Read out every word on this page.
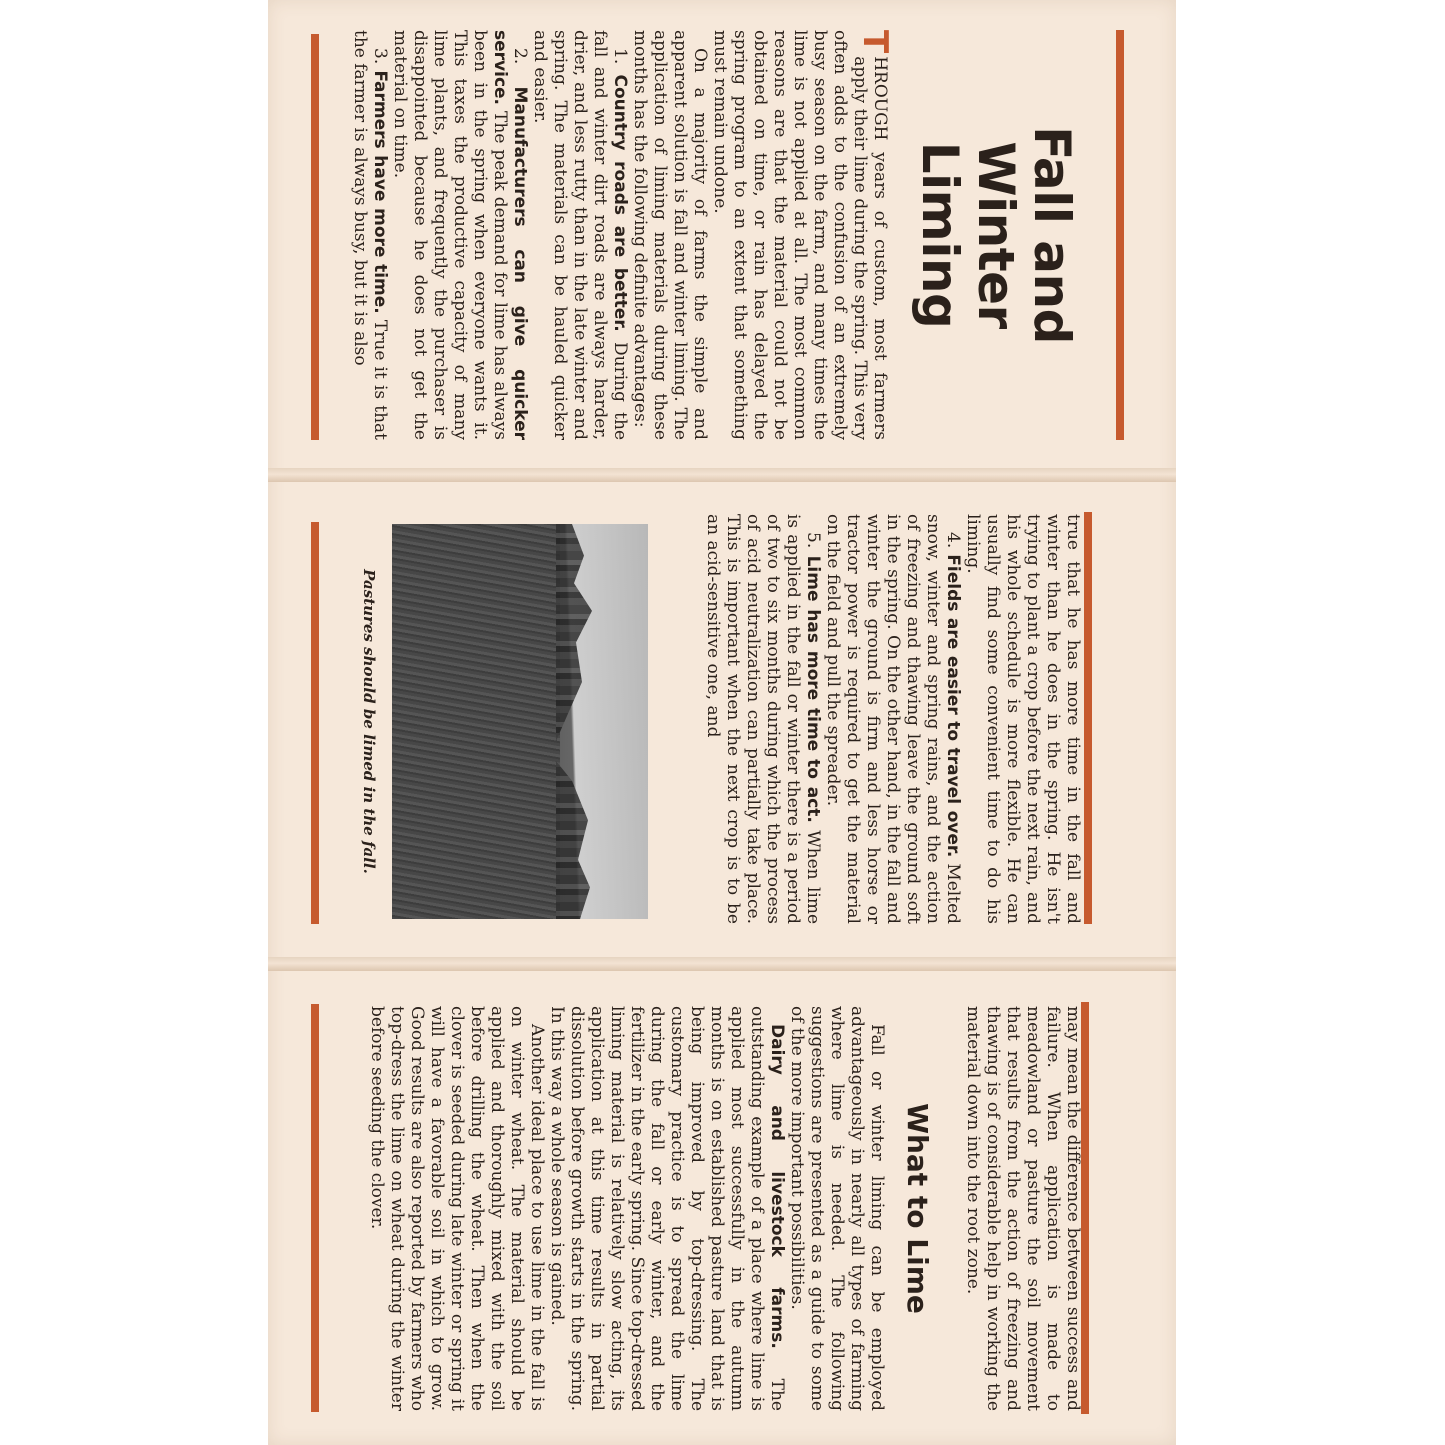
Fall and Winter
Liming

T
HROUGH years of custom, most farmers apply their lime during the spring. This very often adds to the confusion of an extremely busy season on the farm, and many times the lime is not applied at all. The most common reasons are that the material could not be obtained on time, or rain has delayed the spring program to an extent that something must remain undone.

On a majority of farms the simple and apparent solution is fall and winter liming. The application of liming materials during these months has the following definite advantages:

1. Country roads are better. During the fall and winter dirt roads are always harder, drier, and less rutty than in the late winter and spring. The materials can be hauled quicker and easier.

2. Manufacturers can give quicker service. The peak demand for lime has always been in the spring when everyone wants it. This taxes the productive capacity of many lime plants, and frequently the purchaser is disappointed because he does not get the material on time.

3. Farmers have more time. True it is that the farmer is always busy, but it is also

true that he has more time in the fall and winter than he does in the spring. He isn't trying to plant a crop before the next rain, and his whole schedule is more flexible. He can usually find some convenient time to do his liming.

4. Fields are easier to travel over. Melted snow, winter and spring rains, and the action of freezing and thawing leave the ground soft in the spring. On the other hand, in the fall and winter the ground is firm and less horse or tractor power is required to get the material on the field and pull the spreader.

5. Lime has more time to act. When lime is applied in the fall or winter there is a period of two to six months during which the process of acid neutralization can partially take place. This is important when the next crop is to be an acid-sensitive one, and

Pastures should be limed in the fall.

may mean the difference between success and failure. When application is made to meadowland or pasture the soil movement that results from the action of freezing and thawing is of considerable help in working the material down into the root zone.

What to Lime

Fall or winter liming can be employed advantageously in nearly all types of farming where lime is needed. The following suggestions are presented as a guide to some of the more important possibilities.

Dairy and livestock farms. The outstanding example of a place where lime is applied most successfully in the autumn months is on established pasture land that is being improved by top-dressing. The customary practice is to spread the lime during the fall or early winter, and the fertilizer in the early spring. Since top-dressed liming material is relatively slow acting, its application at this time results in partial dissolution before growth starts in the spring. In this way a whole season is gained.

Another ideal place to use lime in the fall is on winter wheat. The material should be applied and thoroughly mixed with the soil before drilling the wheat. Then when the clover is seeded during late winter or spring it will have a favorable soil in which to grow. Good results are also reported by farmers who top-dress the lime on wheat during the winter before seeding the clover.
